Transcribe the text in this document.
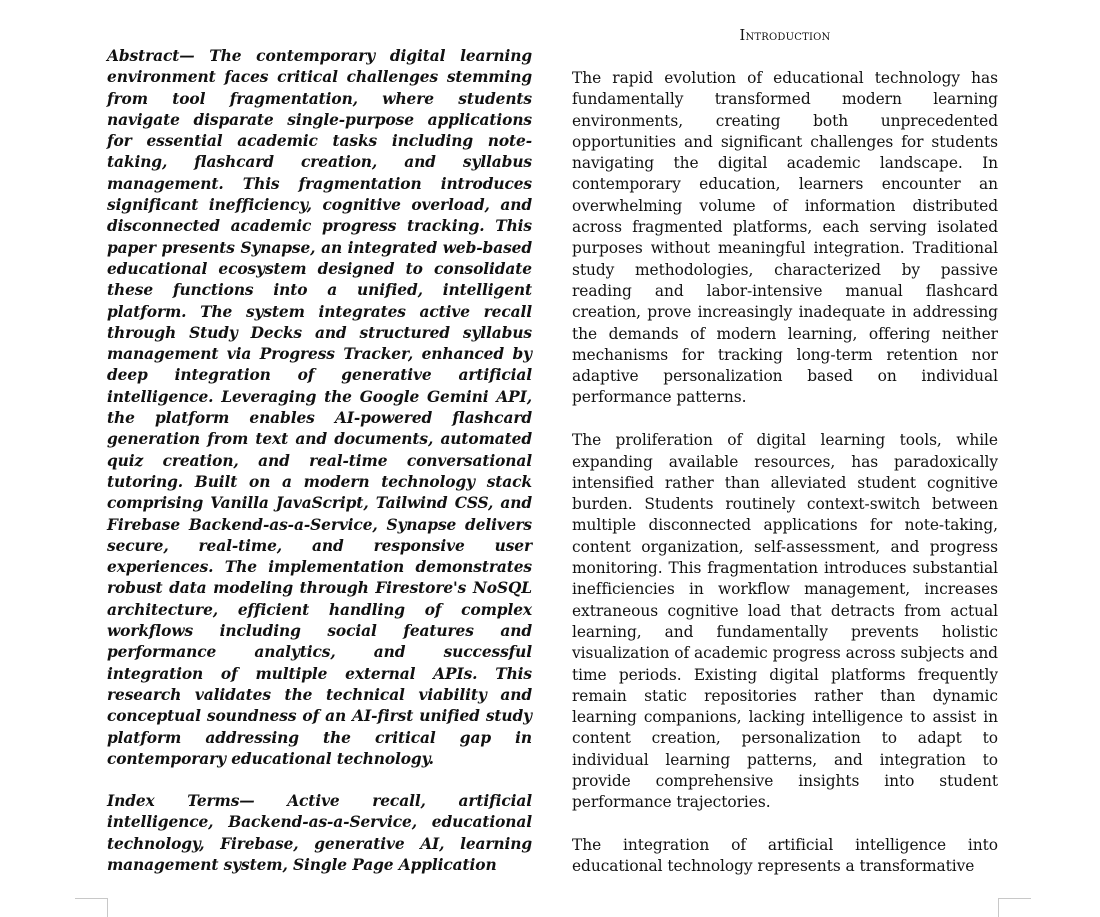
Abstract— The contemporary digital learning environment faces critical challenges stemming from tool fragmentation, where students navigate disparate single-purpose applications for essential academic tasks including note-taking, flashcard creation, and syllabus management. This fragmentation introduces significant inefficiency, cognitive overload, and disconnected academic progress tracking. This paper presents Synapse, an integrated web-based educational ecosystem designed to consolidate these functions into a unified, intelligent platform. The system integrates active recall through Study Decks and structured syllabus management via Progress Tracker, enhanced by deep integration of generative artificial intelligence. Leveraging the Google Gemini API, the platform enables AI-powered flashcard generation from text and documents, automated quiz creation, and real-time conversational tutoring. Built on a modern technology stack comprising Vanilla JavaScript, Tailwind CSS, and Firebase Backend-as-a-Service, Synapse delivers secure, real-time, and responsive user experiences. The implementation demonstrates robust data modeling through Firestore's NoSQL architecture, efficient handling of complex workflows including social features and performance analytics, and successful integration of multiple external APIs. This research validates the technical viability and conceptual soundness of an AI-first unified study platform addressing the critical gap in contemporary educational technology.

Index Terms— Active recall, artificial intelligence, Backend-as-a-Service, educational technology, Firebase, generative AI, learning management system, Single Page Application

Introduction

The rapid evolution of educational technology has fundamentally transformed modern learning environments, creating both unprecedented opportunities and significant challenges for students navigating the digital academic landscape. In contemporary education, learners encounter an overwhelming volume of information distributed across fragmented platforms, each serving isolated purposes without meaningful integration. Traditional study methodologies, characterized by passive reading and labor-intensive manual flashcard creation, prove increasingly inadequate in addressing the demands of modern learning, offering neither mechanisms for tracking long-term retention nor adaptive personalization based on individual performance patterns.

The proliferation of digital learning tools, while expanding available resources, has paradoxically intensified rather than alleviated student cognitive burden. Students routinely context-switch between multiple disconnected applications for note-taking, content organization, self-assessment, and progress monitoring. This fragmentation introduces substantial inefficiencies in workflow management, increases extraneous cognitive load that detracts from actual learning, and fundamentally prevents holistic visualization of academic progress across subjects and time periods. Existing digital platforms frequently remain static repositories rather than dynamic learning companions, lacking intelligence to assist in content creation, personalization to adapt to individual learning patterns, and integration to provide comprehensive insights into student performance trajectories.

The integration of artificial intelligence into educational technology represents a transformative
